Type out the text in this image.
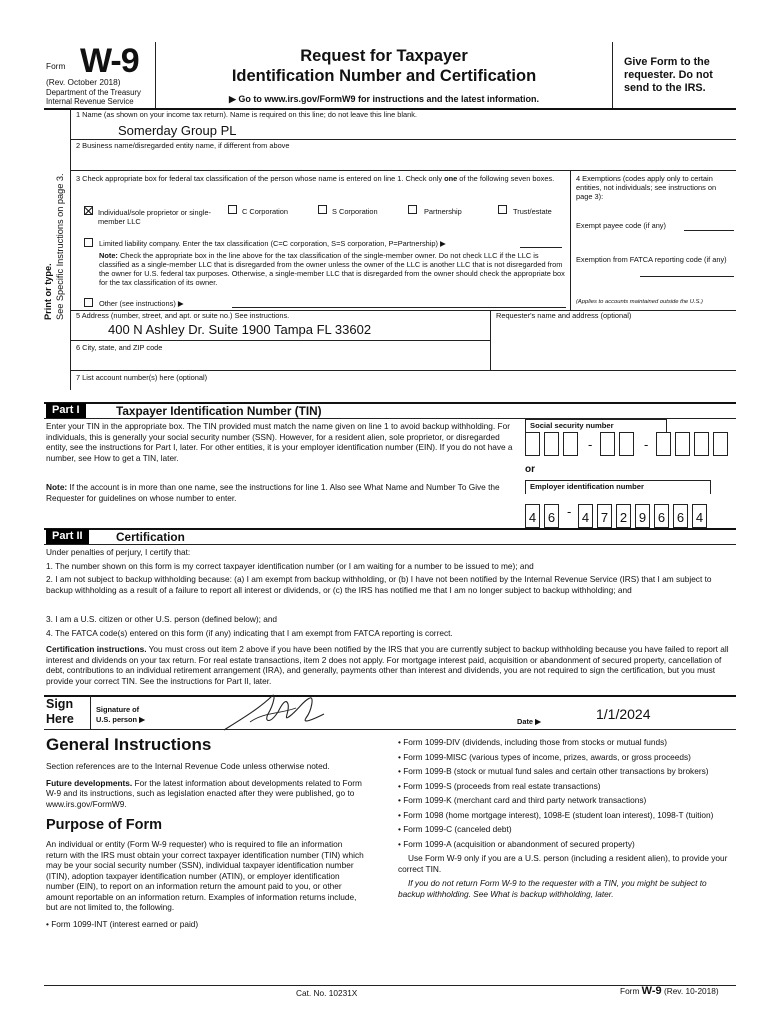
Form W-9
(Rev. October 2018)
Department of the Treasury
Internal Revenue Service
Request for Taxpayer
Identification Number and Certification
▶ Go to www.irs.gov/FormW9 for instructions and the latest information.
Give Form to the requester. Do not send to the IRS.
Print or type. See Specific Instructions on page 3.
1 Name (as shown on your income tax return). Name is required on this line; do not leave this line blank.
Somerday Group PL
2 Business name/disregarded entity name, if different from above
3 Check appropriate box for federal tax classification of the person whose name is entered on line 1. Check only one of the following seven boxes.
Individual/sole proprietor or single-member LLC
C Corporation	S Corporation	Partnership	Trust/estate
Limited liability company. Enter the tax classification (C=C corporation, S=S corporation, P=Partnership) ▶
Note: Check the appropriate box in the line above for the tax classification of the single-member owner. Do not check LLC if the LLC is classified as a single-member LLC that is disregarded from the owner unless the owner of the LLC is another LLC that is not disregarded from the owner for U.S. federal tax purposes. Otherwise, a single-member LLC that is disregarded from the owner should check the appropriate box for the tax classification of its owner.
Other (see instructions) ▶
4 Exemptions (codes apply only to certain entities, not individuals; see instructions on page 3):
Exempt payee code (if any)
Exemption from FATCA reporting code (if any)
(Applies to accounts maintained outside the U.S.)
5 Address (number, street, and apt. or suite no.) See instructions.	Requester's name and address (optional)
400 N Ashley Dr. Suite 1900 Tampa FL 33602
6 City, state, and ZIP code
7 List account number(s) here (optional)
Part I	Taxpayer Identification Number (TIN)
Enter your TIN in the appropriate box. The TIN provided must match the name given on line 1 to avoid backup withholding. For individuals, this is generally your social security number (SSN). However, for a resident alien, sole proprietor, or disregarded entity, see the instructions for Part I, later. For other entities, it is your employer identification number (EIN). If you do not have a number, see How to get a TIN, later.
Note: If the account is in more than one name, see the instructions for line 1. Also see What Name and Number To Give the Requester for guidelines on whose number to enter.
Social security number
-	-
or
Employer identification number
4 6 - 4 7 2 9 6 6 4
Part II	Certification
Under penalties of perjury, I certify that:
1. The number shown on this form is my correct taxpayer identification number (or I am waiting for a number to be issued to me); and
2. I am not subject to backup withholding because: (a) I am exempt from backup withholding, or (b) I have not been notified by the Internal Revenue Service (IRS) that I am subject to backup withholding as a result of a failure to report all interest or dividends, or (c) the IRS has notified me that I am no longer subject to backup withholding; and
3. I am a U.S. citizen or other U.S. person (defined below); and
4. The FATCA code(s) entered on this form (if any) indicating that I am exempt from FATCA reporting is correct.
Certification instructions. You must cross out item 2 above if you have been notified by the IRS that you are currently subject to backup withholding because you have failed to report all interest and dividends on your tax return. For real estate transactions, item 2 does not apply. For mortgage interest paid, acquisition or abandonment of secured property, cancellation of debt, contributions to an individual retirement arrangement (IRA), and generally, payments other than interest and dividends, you are not required to sign the certification, but you must provide your correct TIN. See the instructions for Part II, later.
Sign
Here
Signature of
U.S. person ▶	Date ▶	1/1/2024
General Instructions

Section references are to the Internal Revenue Code unless otherwise noted.

Future developments. For the latest information about developments related to Form W-9 and its instructions, such as legislation enacted after they were published, go to www.irs.gov/FormW9.

Purpose of Form

An individual or entity (Form W-9 requester) who is required to file an information return with the IRS must obtain your correct taxpayer identification number (TIN) which may be your social security number (SSN), individual taxpayer identification number (ITIN), adoption taxpayer identification number (ATIN), or employer identification number (EIN), to report on an information return the amount paid to you, or other amount reportable on an information return. Examples of information returns include, but are not limited to, the following.

• Form 1099-INT (interest earned or paid)

• Form 1099-DIV (dividends, including those from stocks or mutual funds)

• Form 1099-MISC (various types of income, prizes, awards, or gross proceeds)

• Form 1099-B (stock or mutual fund sales and certain other transactions by brokers)

• Form 1099-S (proceeds from real estate transactions)

• Form 1099-K (merchant card and third party network transactions)

• Form 1098 (home mortgage interest), 1098-E (student loan interest), 1098-T (tuition)

• Form 1099-C (canceled debt)

• Form 1099-A (acquisition or abandonment of secured property)

Use Form W-9 only if you are a U.S. person (including a resident alien), to provide your correct TIN.

If you do not return Form W-9 to the requester with a TIN, you might be subject to backup withholding. See What is backup withholding, later.

Cat. No. 10231X	Form W-9 (Rev. 10-2018)
